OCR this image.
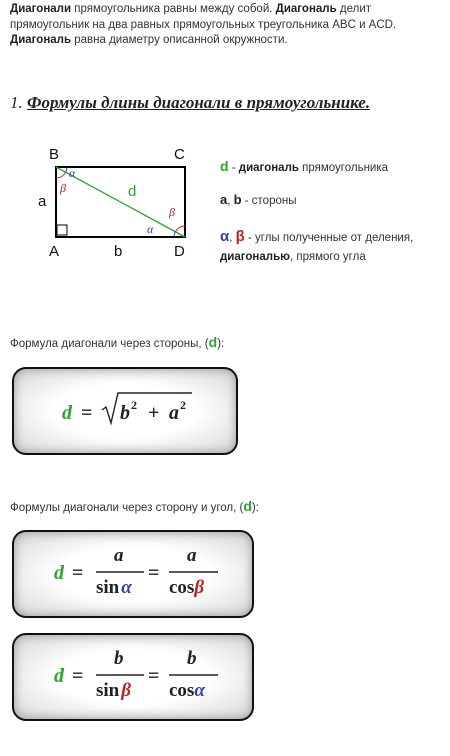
Диагонали прямоугольника равны между собой. Диагональ делит прямоугольник на два равных прямоугольных треугольника ABC и ACD.
Диагональ равна диаметру описанной окружности.
1. Формулы длины диагонали в прямоугольнике.
B	C
A	D
a
b
d
α
β
β
α
d - диагональ прямоугольника
a, b - стороны
α, β - углы полученные от деления,
диагональю, прямого угла
Формула диагонали через стороны, (d):
d = b 2 + a 2
Формулы диагонали через сторону и угол, (d):
d =
a
sin α
=
a
cosβ
d =
b
sin β
=
b
cosα
